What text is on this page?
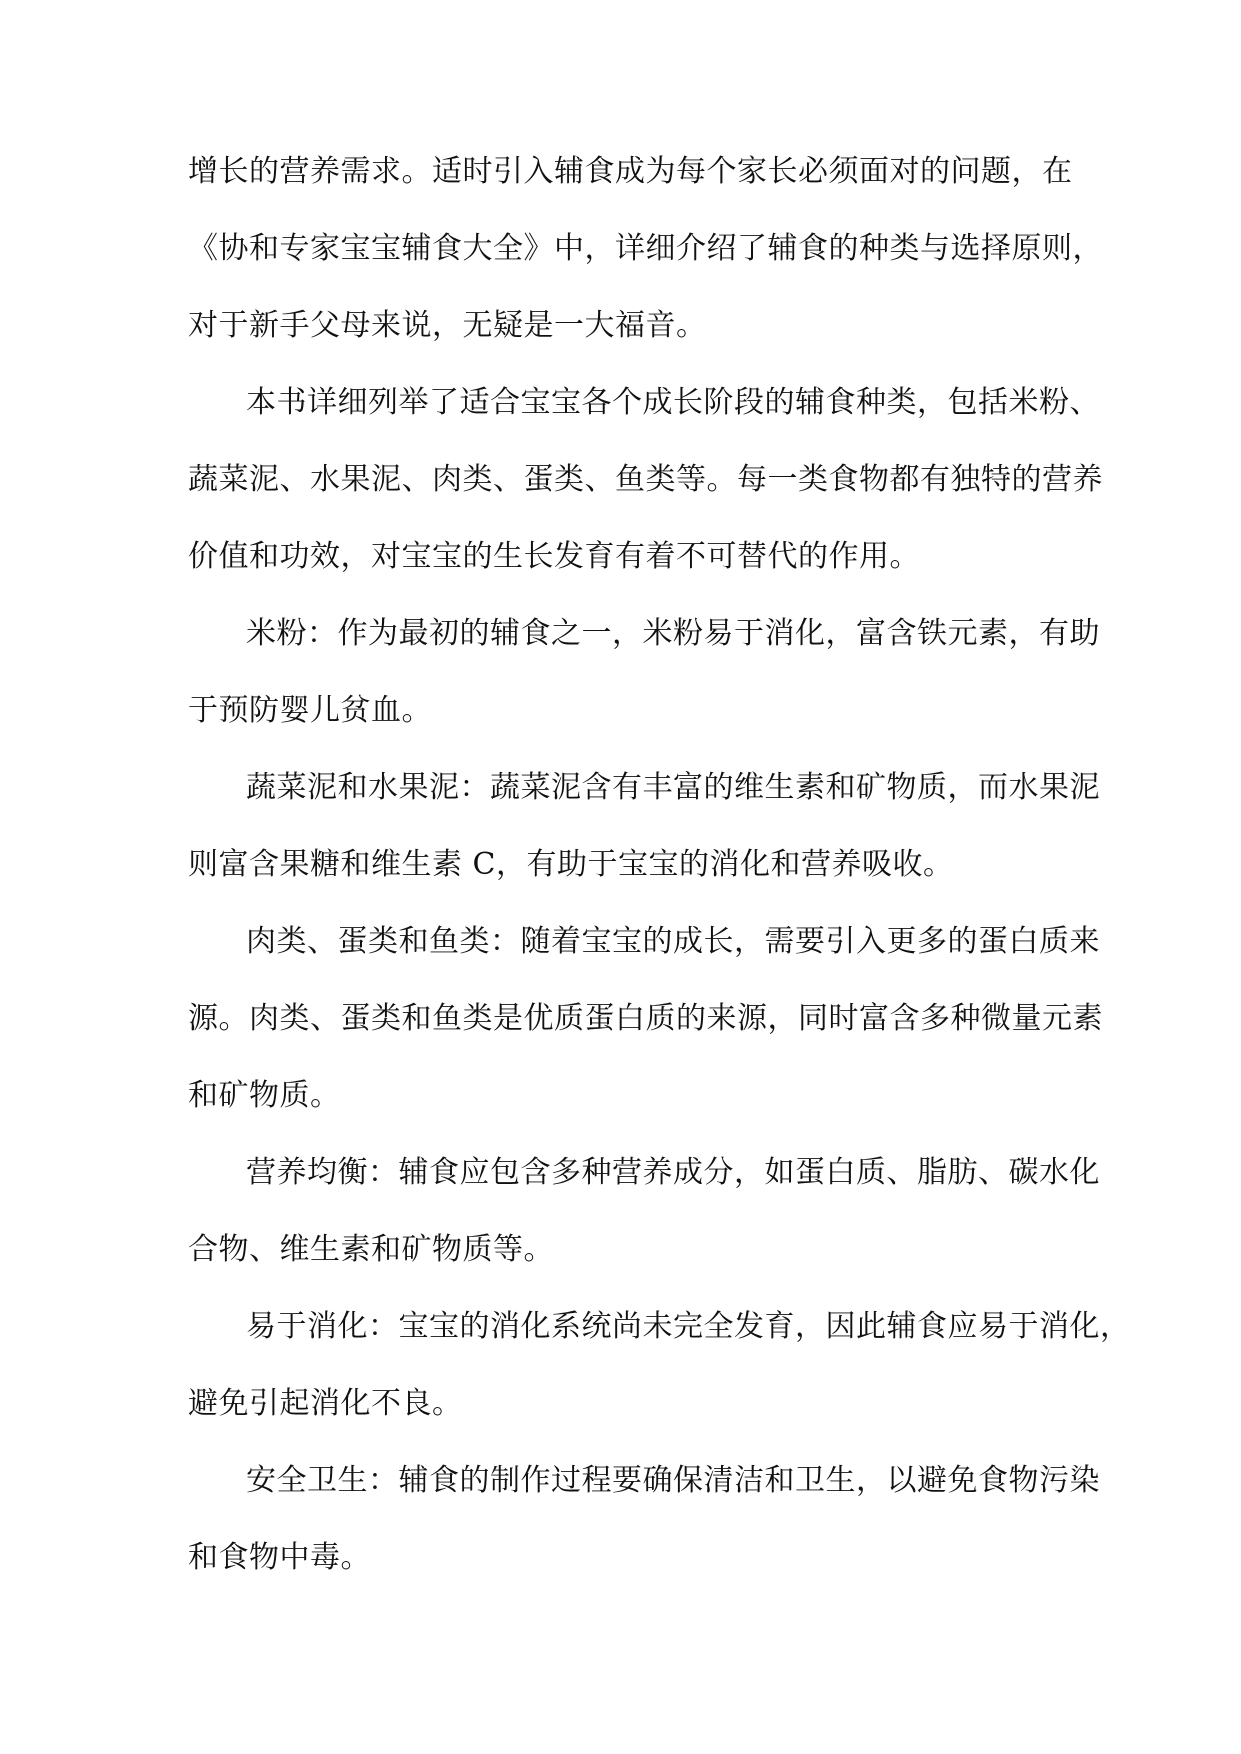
增长的营养需求。适时引入辅食成为每个家长必须面对的问题，在
《协和专家宝宝辅食大全》中，详细介绍了辅食的种类与选择原则，
对于新手父母来说，无疑是一大福音。
本书详细列举了适合宝宝各个成长阶段的辅食种类，包括米粉、
蔬菜泥、水果泥、肉类、蛋类、鱼类等。每一类食物都有独特的营养
价值和功效，对宝宝的生长发育有着不可替代的作用。
米粉：作为最初的辅食之一，米粉易于消化，富含铁元素，有助
于预防婴儿贫血。
蔬菜泥和水果泥：蔬菜泥含有丰富的维生素和矿物质，而水果泥
则富含果糖和维生素 C，有助于宝宝的消化和营养吸收。
肉类、蛋类和鱼类：随着宝宝的成长，需要引入更多的蛋白质来
源。肉类、蛋类和鱼类是优质蛋白质的来源，同时富含多种微量元素
和矿物质。
营养均衡：辅食应包含多种营养成分，如蛋白质、脂肪、碳水化
合物、维生素和矿物质等。
易于消化：宝宝的消化系统尚未完全发育，因此辅食应易于消化，
避免引起消化不良。
安全卫生：辅食的制作过程要确保清洁和卫生，以避免食物污染
和食物中毒。
